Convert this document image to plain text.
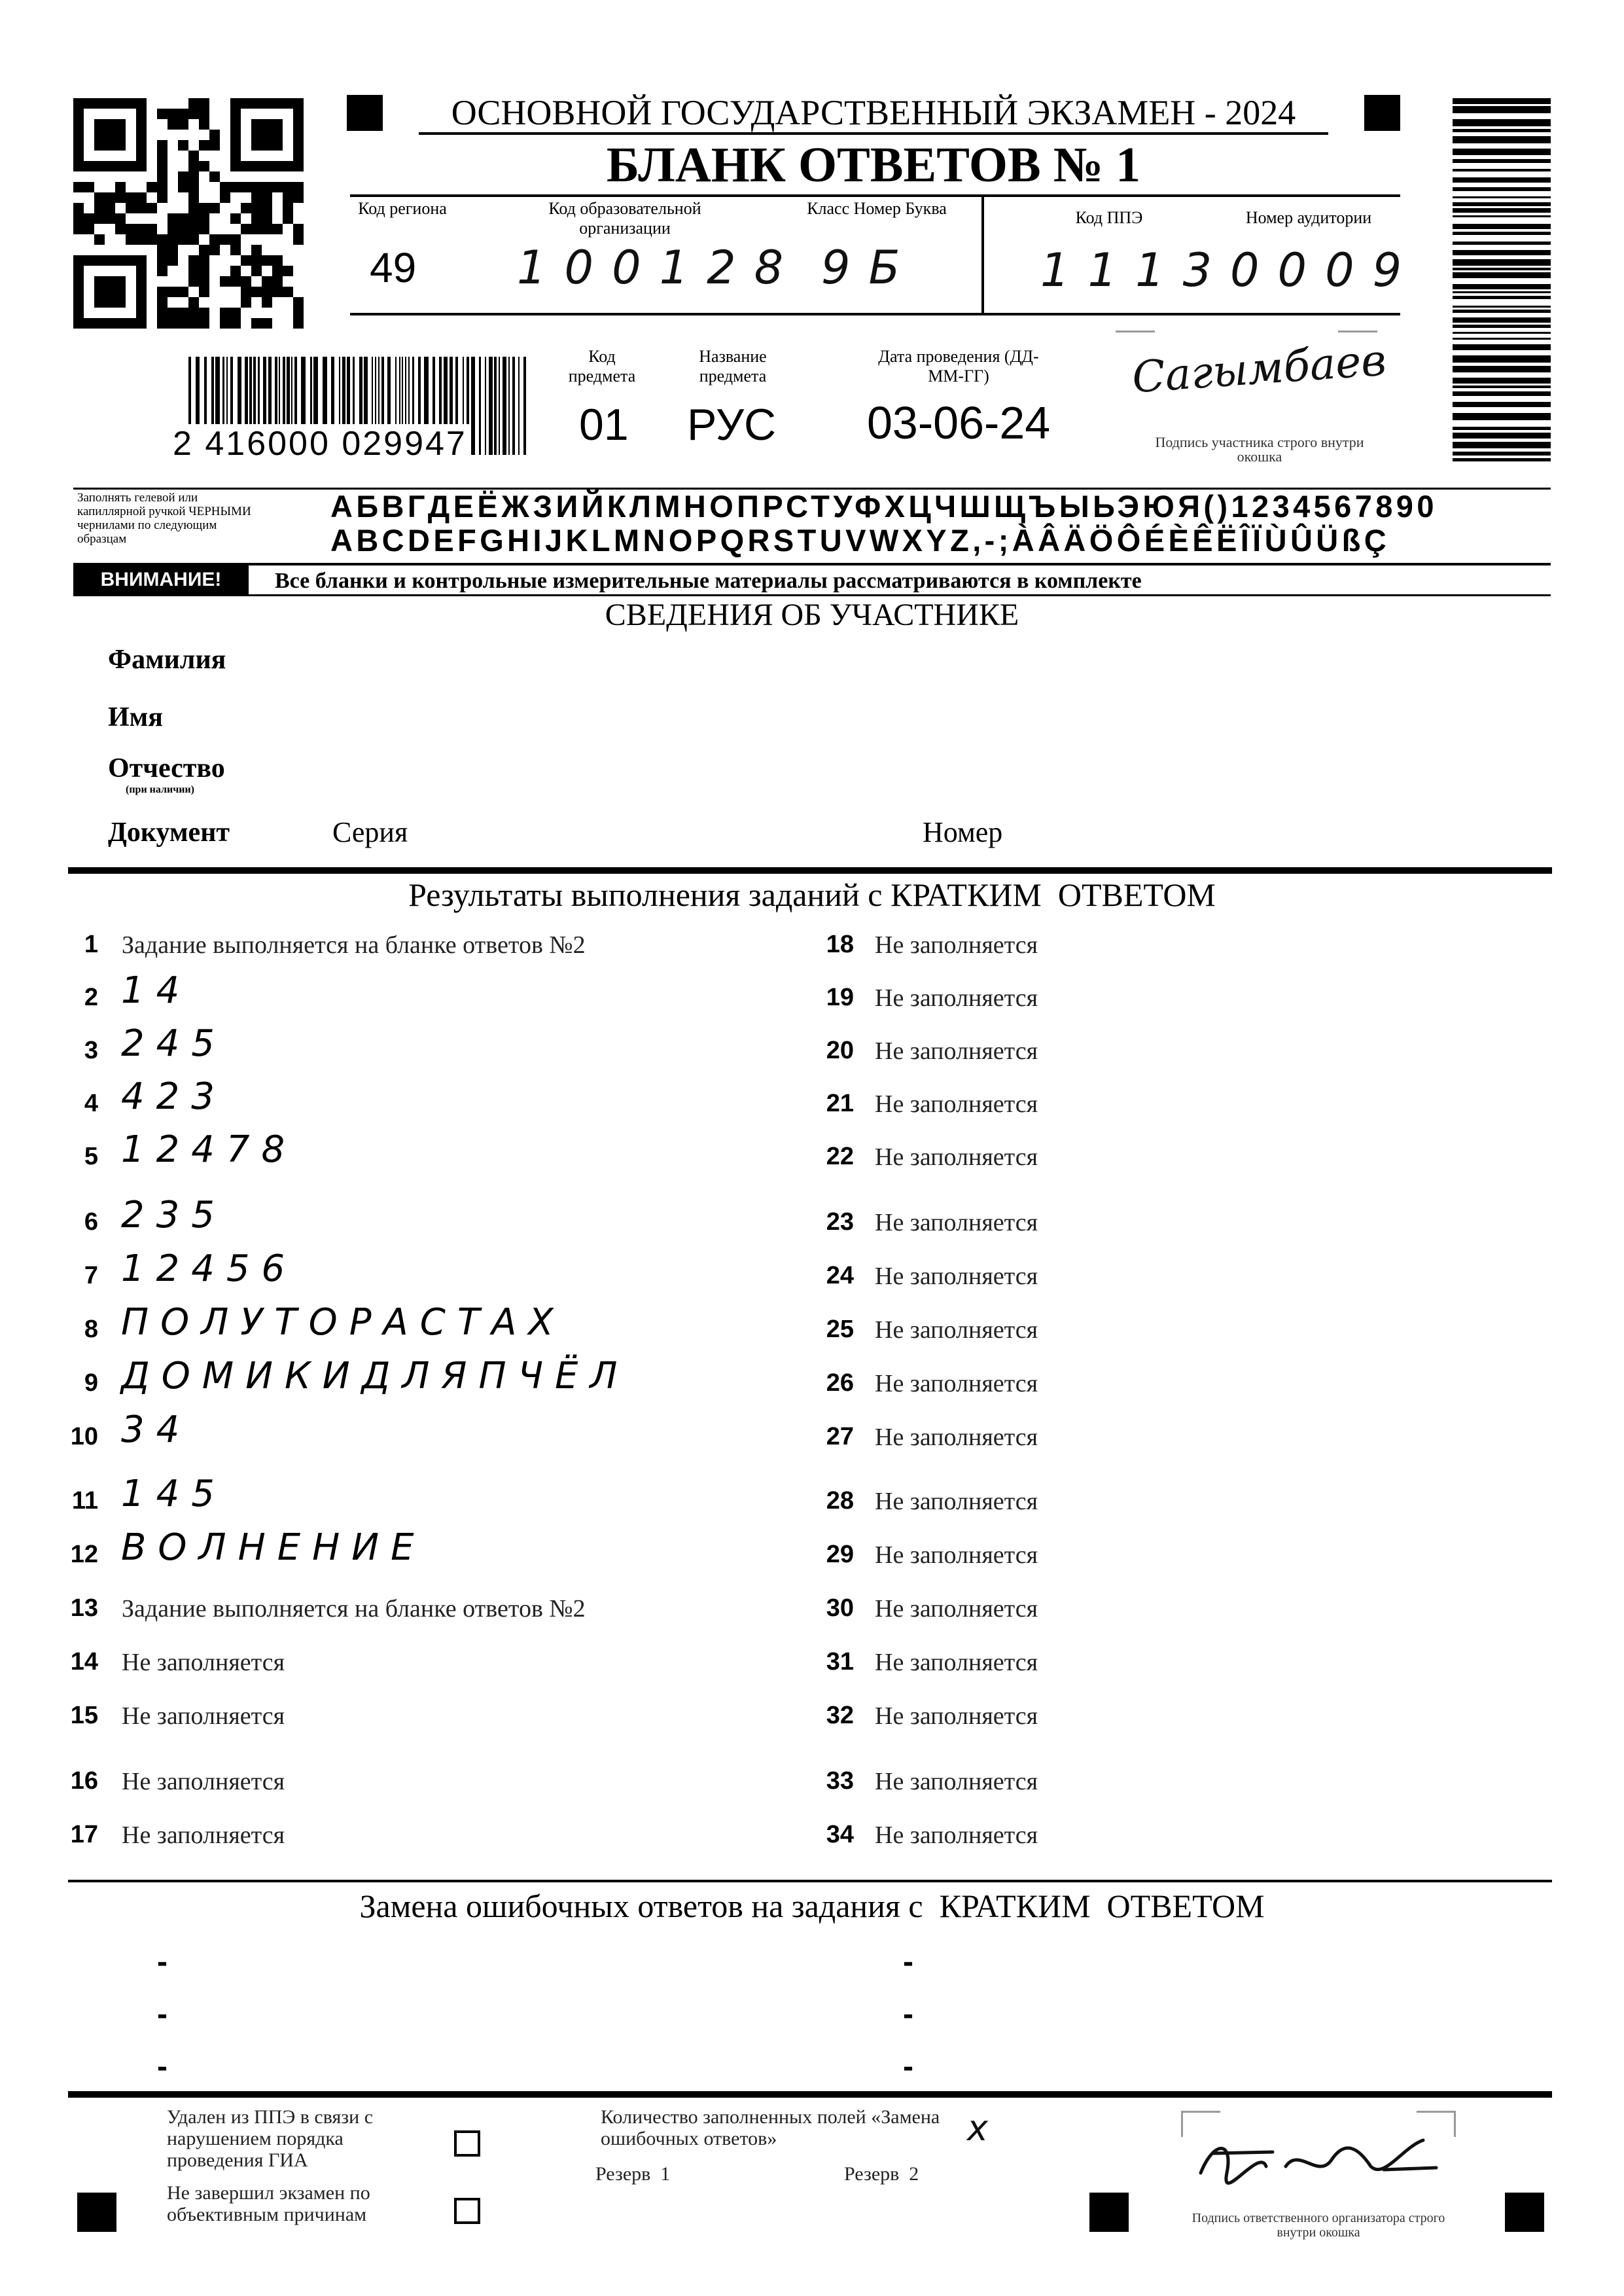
ОСНОВНОЙ ГОСУДАРСТВЕННЫЙ ЭКЗАМЕН - 2024
БЛАНК ОТВЕТОВ № 1
Код региона
49
Код образовательной организации
100128
Класс Номер Буква
9Б
Код ППЭ
1113
Номер аудитории
0009
2 416000 029947
Код предмета
01
Название предмета
РУС
Дата проведения (ДД-ММ-ГГ)
03-06-24
Сагымбаев
Подпись участника строго внутри окошка
Заполнять гелевой или капиллярной ручкой ЧЕРНЫМИ чернилами по следующим образцам
АБВГДЕЁЖЗИЙКЛМНОПРСТУФХЦЧШЩЪЫЬЭЮЯ()1234567890
ABCDEFGHIJKLMNOPQRSTUVWXYZ,-;ÀÂÄÖÔÉÈÊËÎÏÙÛÜßÇ
ВНИМАНИЕ!	Все бланки и контрольные измерительные материалы рассматриваются в комплекте
СВЕДЕНИЯ ОБ УЧАСТНИКЕ
Фамилия
Имя
Отчество
(при наличии)
Документ	Серия	Номер
Результаты выполнения заданий с КРАТКИМ  ОТВЕТОМ
1 Задание выполняется на бланке ответов №2
2 14
3 245
4 423
5 12478
6 235
7 12456
8 ПОЛУТОРАСТАХ
9 ДОМИКИДЛЯПЧЁЛ
10 34
11 145
12 ВОЛНЕНИЕ
13 Задание выполняется на бланке ответов №2
14 Не заполняется
15 Не заполняется
16 Не заполняется
17 Не заполняется
18 Не заполняется
19 Не заполняется
20 Не заполняется
21 Не заполняется
22 Не заполняется
23 Не заполняется
24 Не заполняется
25 Не заполняется
26 Не заполняется
27 Не заполняется
28 Не заполняется
29 Не заполняется
30 Не заполняется
31 Не заполняется
32 Не заполняется
33 Не заполняется
34 Не заполняется
Замена ошибочных ответов на задания с  КРАТКИМ  ОТВЕТОМ
-	-
-	-
-	-
Удален из ППЭ в связи с нарушением порядка проведения ГИА
Не завершил экзамен по объективным причинам
Количество заполненных полей «Замена ошибочных ответов»	x
Резерв  1	Резерв  2
Подпись ответственного организатора строго внутри окошка
